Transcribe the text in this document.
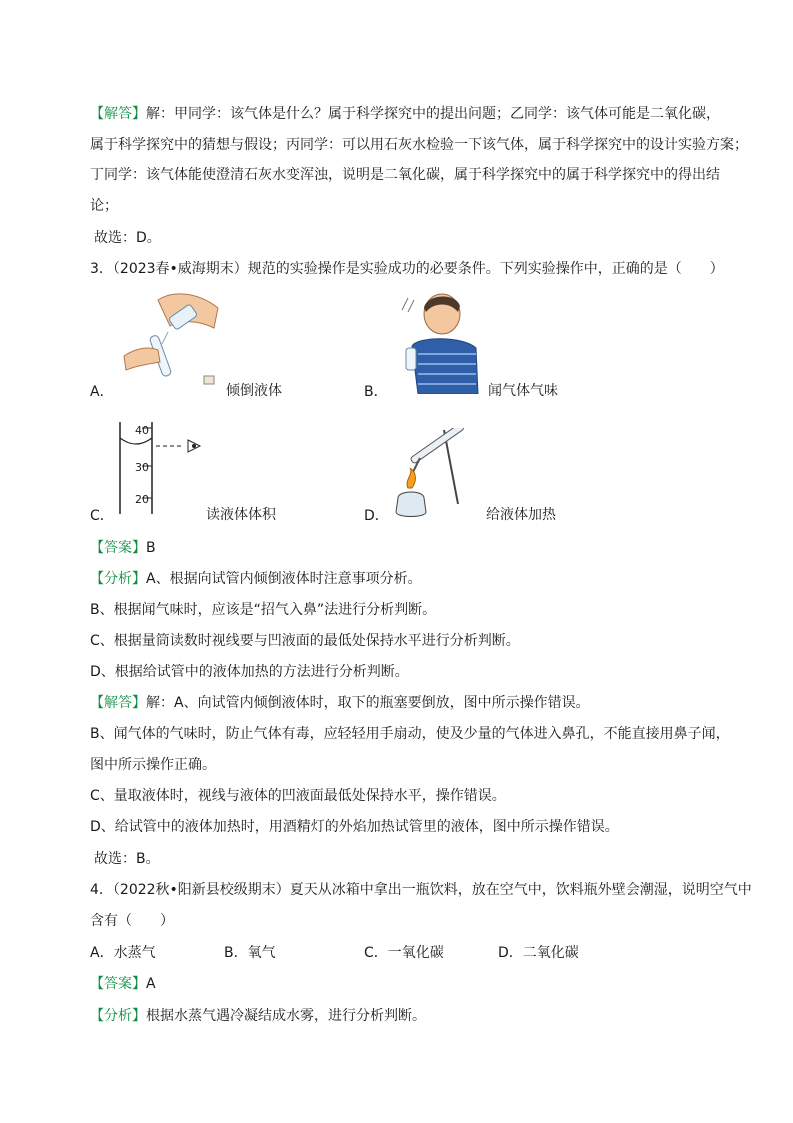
【 解答 】 解：甲同学：该气体是什么？属于科学探究中的提出问题；乙同学：该气体可能是二氧化碳，
属于科学探究中的猜想与假设；丙同学：可以用石灰水检验一下该气体，属于科学探究中的设计实验方案；
丁同学：该气体能使澄清石灰水变浑浊，说明是二氧化碳，属于科学探究中的属于科学探究中的得出结
论；
故选：D。
3．（2023春•威海期末）规范的实验操作是实验成功的必要条件。下列实验操作中，正确的是（　　）
A．	倾倒液体	B．	闻气体气味
40
30
20
C．	读液体体积	D．	给液体加热
【 答案 】 B
【 分析 】 A、根据向试管内倾倒液体时注意事项分析。
B、根据闻气味时，应该是“招气入鼻”法进行分析判断。
C、根据量筒读数时视线要与凹液面的最低处保持水平进行分析判断。
D、根据给试管中的液体加热的方法进行分析判断。
【 解答 】 解：A、向试管内倾倒液体时，取下的瓶塞要倒放，图中所示操作错误。
B、闻气体的气味时，防止气体有毒，应轻轻用手扇动，使及少量的气体进入鼻孔，不能直接用鼻子闻，
图中所示操作正确。
C、量取液体时，视线与液体的凹液面最低处保持水平，操作错误。
D、给试管中的液体加热时，用酒精灯的外焰加热试管里的液体，图中所示操作错误。
故选：B。
4．（2022秋•阳新县校级期末）夏天从冰箱中拿出一瓶饮料，放在空气中，饮料瓶外壁会潮湿，说明空气中
含有（　　）
A．水蒸气	B．氧气	C．一氧化碳	D．二氧化碳
【 答案 】 A
【 分析 】 根据水蒸气遇冷凝结成水雾，进行分析判断。
